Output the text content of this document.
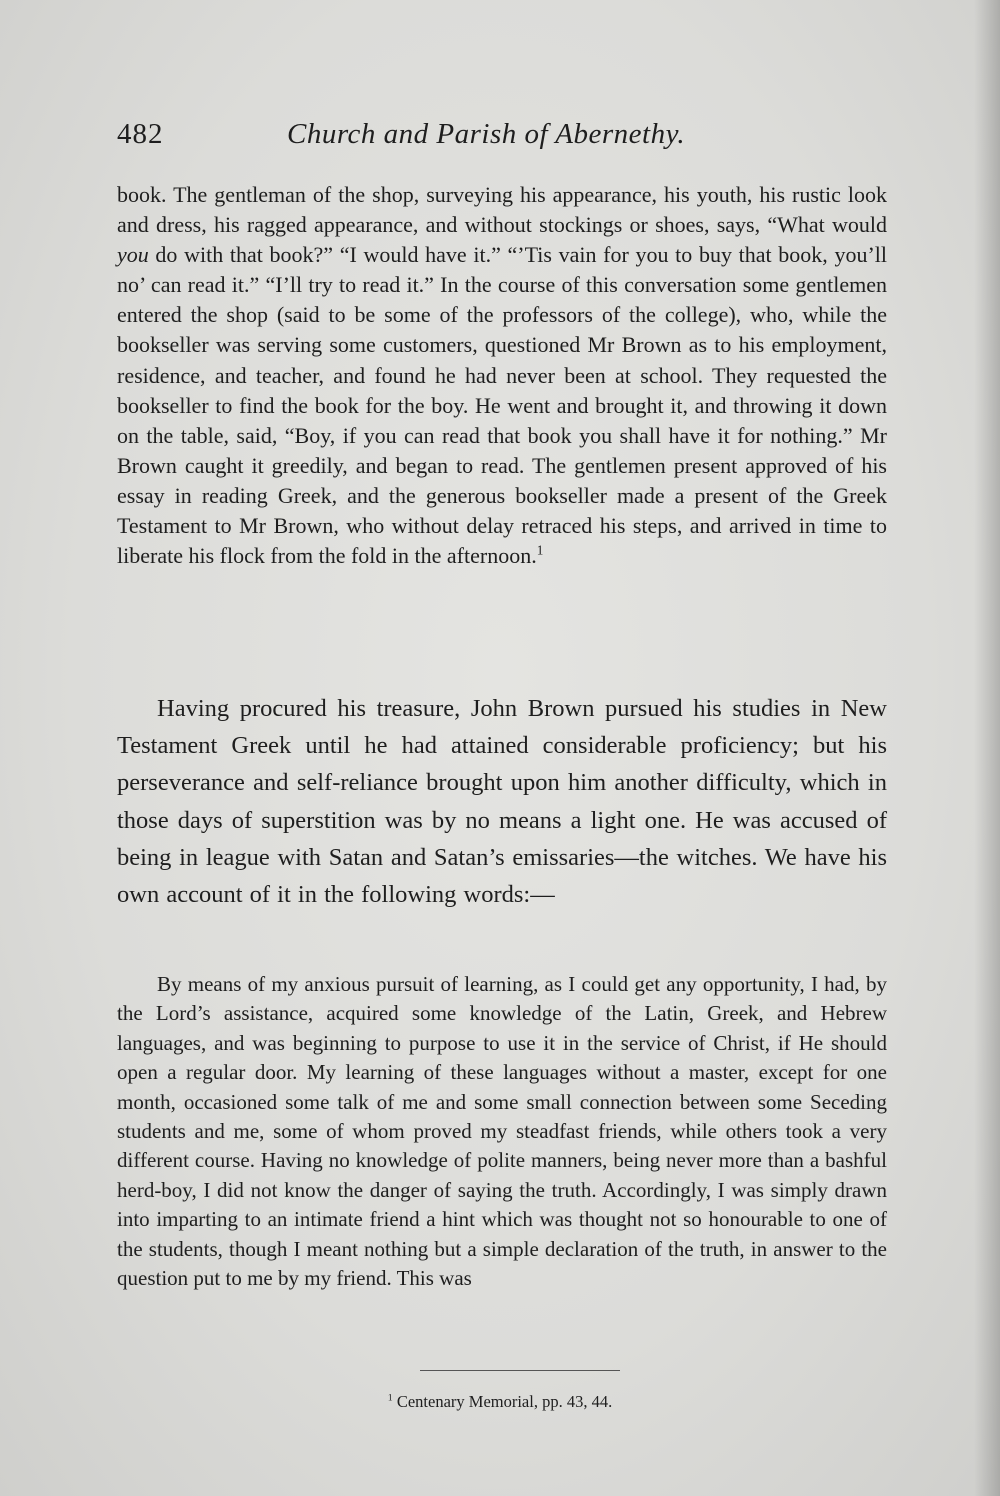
482	Church and Parish of Abernethy.

book. The gentleman of the shop, surveying his appearance, his youth, his rustic look and dress, his ragged appearance, and without stockings or shoes, says, “What would you do with that book?” “I would have it.” “’Tis vain for you to buy that book, you’ll no’ can read it.” “I’ll try to read it.” In the course of this conversation some gentlemen entered the shop (said to be some of the professors of the college), who, while the bookseller was serving some customers, questioned Mr Brown as to his employment, residence, and teacher, and found he had never been at school. They requested the bookseller to find the book for the boy. He went and brought it, and throwing it down on the table, said, “Boy, if you can read that book you shall have it for nothing.” Mr Brown caught it greedily, and began to read. The gentlemen present approved of his essay in reading Greek, and the generous bookseller made a present of the Greek Testament to Mr Brown, who without delay retraced his steps, and arrived in time to liberate his flock from the fold in the afternoon.$^1$

Having procured his treasure, John Brown pursued his studies in New Testament Greek until he had attained considerable proficiency; but his perseverance and self-reliance brought upon him another difficulty, which in those days of superstition was by no means a light one. He was accused of being in league with Satan and Satan’s emissaries—the witches. We have his own account of it in the following words:—

By means of my anxious pursuit of learning, as I could get any opportunity, I had, by the Lord’s assistance, acquired some knowledge of the Latin, Greek, and Hebrew languages, and was beginning to purpose to use it in the service of Christ, if He should open a regular door. My learning of these languages without a master, except for one month, occasioned some talk of me and some small connection between some Seceding students and me, some of whom proved my steadfast friends, while others took a very different course. Having no knowledge of polite manners, being never more than a bashful herd-boy, I did not know the danger of saying the truth. Accordingly, I was simply drawn into imparting to an intimate friend a hint which was thought not so honourable to one of the students, though I meant nothing but a simple declaration of the truth, in answer to the question put to me by my friend. This was

$^1$ Centenary Memorial, pp. 43, 44.
